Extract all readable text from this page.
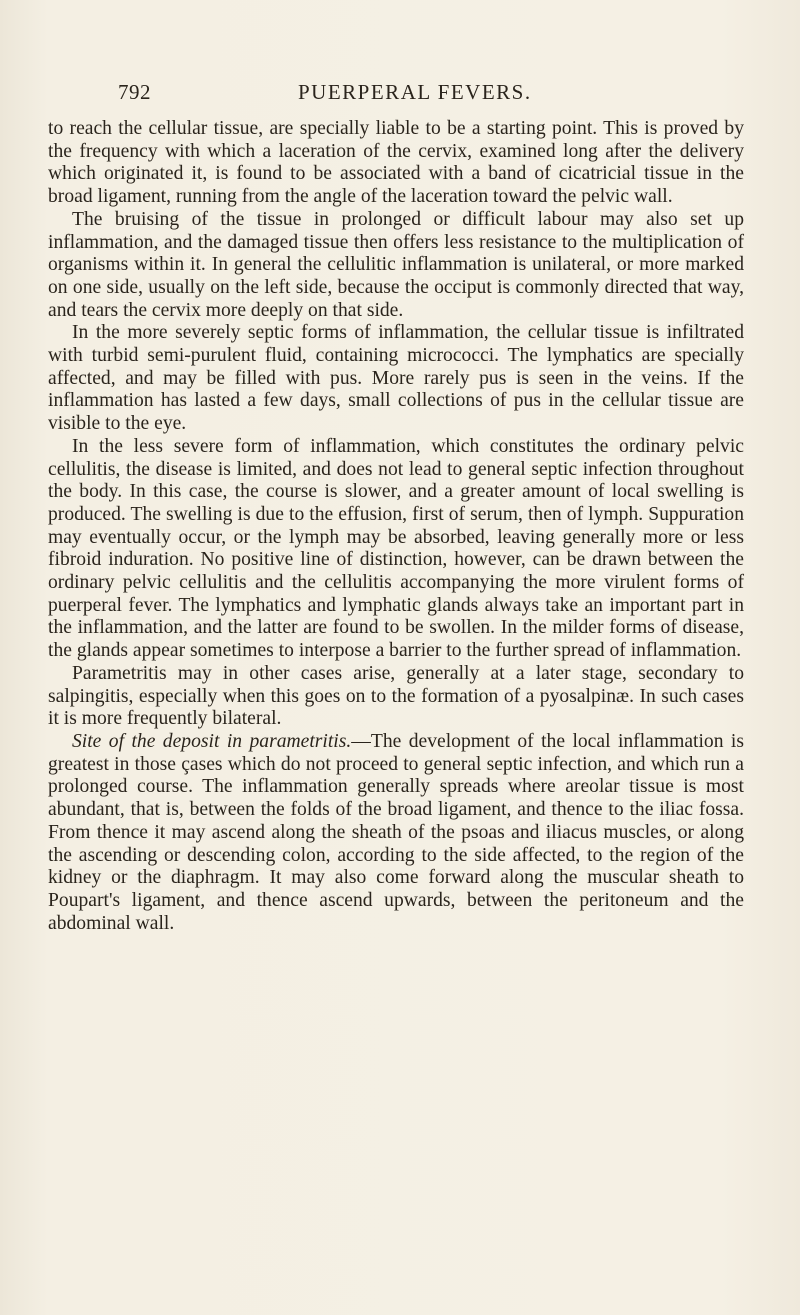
792	PUERPERAL FEVERS.

to reach the cellular tissue, are specially liable to be a starting point. This is proved by the frequency with which a laceration of the cervix, examined long after the delivery which originated it, is found to be associated with a band of cicatricial tissue in the broad ligament, running from the angle of the laceration toward the pelvic wall.

The bruising of the tissue in prolonged or difficult labour may also set up inflammation, and the damaged tissue then offers less resistance to the multiplication of organisms within it. In general the cellulitic inflammation is unilateral, or more marked on one side, usually on the left side, because the occiput is commonly directed that way, and tears the cervix more deeply on that side.

In the more severely septic forms of inflammation, the cellular tissue is infiltrated with turbid semi-purulent fluid, containing micrococci. The lymphatics are specially affected, and may be filled with pus. More rarely pus is seen in the veins. If the inflammation has lasted a few days, small collections of pus in the cellular tissue are visible to the eye.

In the less severe form of inflammation, which constitutes the ordinary pelvic cellulitis, the disease is limited, and does not lead to general septic infection throughout the body. In this case, the course is slower, and a greater amount of local swelling is produced. The swelling is due to the effusion, first of serum, then of lymph. Suppuration may eventually occur, or the lymph may be absorbed, leaving generally more or less fibroid induration. No positive line of distinction, however, can be drawn between the ordinary pelvic cellulitis and the cellulitis accompanying the more virulent forms of puerperal fever. The lymphatics and lymphatic glands always take an important part in the inflammation, and the latter are found to be swollen. In the milder forms of disease, the glands appear sometimes to interpose a barrier to the further spread of inflammation.

Parametritis may in other cases arise, generally at a later stage, secondary to salpingitis, especially when this goes on to the formation of a pyosalpinæ. In such cases it is more frequently bilateral.

Site of the deposit in parametritis.—The development of the local inflammation is greatest in those çases which do not proceed to general septic infection, and which run a prolonged course. The inflammation generally spreads where areolar tissue is most abundant, that is, between the folds of the broad ligament, and thence to the iliac fossa. From thence it may ascend along the sheath of the psoas and iliacus muscles, or along the ascending or descending colon, according to the side affected, to the region of the kidney or the diaphragm. It may also come forward along the muscular sheath to Poupart's ligament, and thence ascend upwards, between the peritoneum and the abdominal wall.
